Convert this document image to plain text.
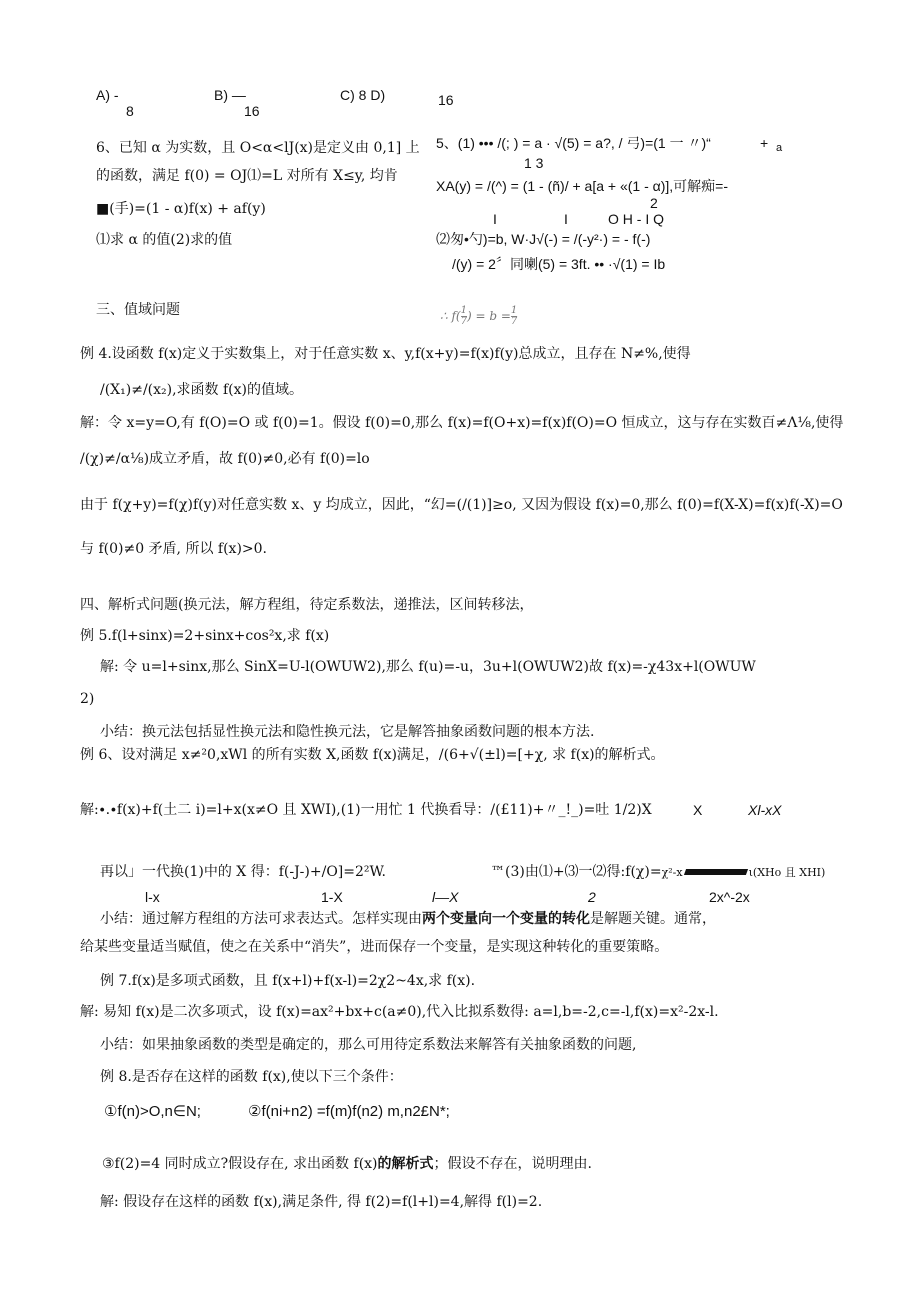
A) -
8
B) —
16
C) 8 D)	16
6、已知 α 为实数，且 O<α<lJ(x)是定义由 0,1] 上
的函数，满足 f(0) = OJ⑴=L 对所有 X≤y, 均肯
■(手)=(1 - α)f(x) + af(y)
⑴求 α 的值(2)求的值
5、(1) ••• /(; ) = a · √(5) = a?, / 弓)=(1 一 〃)“	+ a
1 3
XA(y) = /(^) = (1 - (ñ)/ + a[a + «(1 - α)],可解痴=-
2
I	I	O H - I Q
⑵匆•勺)=b, W·J√(-) = /(-y²·) = - f(-)
/(y) = 2〞同喇(5) = 3ft. •• ·√(1) = Ib
三、值域问题	∴ $f( \frac{1}{7}$ ) = $b = \frac{1}{7}$
例 4.设函数 f(x)定义于实数集上，对于任意实数 x、y,f(x+y)=f(x)f(y)总成立，且存在 N≠%,使得
/(X₁)≠/(x₂),求函数 f(x)的值域。
解：令 x=y=O,有 f(O)=O 或 f(0)=1。假设 f(0)=0,那么 f(x)=f(O+x)=f(x)f(O)=O 恒成立，这与存在实数百≠Λ⅛,使得
/(χ)≠/α⅛)成立矛盾，故 f(0)≠0,必有 f(0)=lo
由于 f(χ+y)=f(χ)f(y)对任意实数 x、y 均成立，因此，“幻=(/(1)]≥o, 又因为假设 f(x)=0,那么 f(0)=f(X-X)=f(x)f(-X)=O
与 f(0)≠0 矛盾, 所以 f(x)>0.
四、解析式问题(换元法，解方程组，待定系数法，递推法，区间转移法，
例 5.f(l+sinx)=2+sinx+cos²x,求 f(x)
解: 令 u=l+sinx,那么 SinX=U-l(OWUW2),那么 f(u)=-u，3u+l(OWUW2)故 f(x)=-χ43x+l(OWUW
2)
小结：换元法包括显性换元法和隐性换元法，它是解答抽象函数问题的根本方法.
例 6、设对满足 x≠²0,xWl 的所有实数 X,函数 f(x)满足，/(6+√(±l)=[+χ, 求 f(x)的解析式。
解:∙.∙f(x)+f(土二 i)=l+x(x≠O 且 XWI),(1)一用忙 1 代换看导：/(£11)+〃_!_)=吐 1/2)X	X	Xl-xX
再以」一代换(1)中的 X 得：f(-J-)+/O]=2²W.	™(3)由⑴+⑶一⑵得:f(χ)=χ²-x	ι(XHo 且 XHI)
l-x	1-X	l—X	2	2x^-2x
小结：通过解方程组的方法可求表达式。怎样实现由两个变量向一个变量的转化是解题关键。通常，
给某些变量适当赋值，使之在关系中“消失”，进而保存一个变量，是实现这种转化的重要策略。
例 7.f(x)是多项式函数，且 f(x+l)+f(x-l)=2χ2~4x,求 f(x).
解: 易知 f(x)是二次多项式，设 f(x)=ax²+bx+c(a≠0),代入比拟系数得: a=l,b=-2,c=-l,f(x)=x²-2x-l.
小结：如果抽象函数的类型是确定的，那么可用待定系数法来解答有关抽象函数的问题,
例 8.是否存在这样的函数 f(x),使以下三个条件：
①f(n)>O,n∈N;	②f(ni+n2) =f(m)f(n2) m,n2£N*;
③f(2)=4 同时成立?假设存在, 求出函数 f(x)的解析式；假设不存在，说明理由.
解: 假设存在这样的函数 f(x),满足条件, 得 f(2)=f(l+l)=4,解得 f(l)=2.
